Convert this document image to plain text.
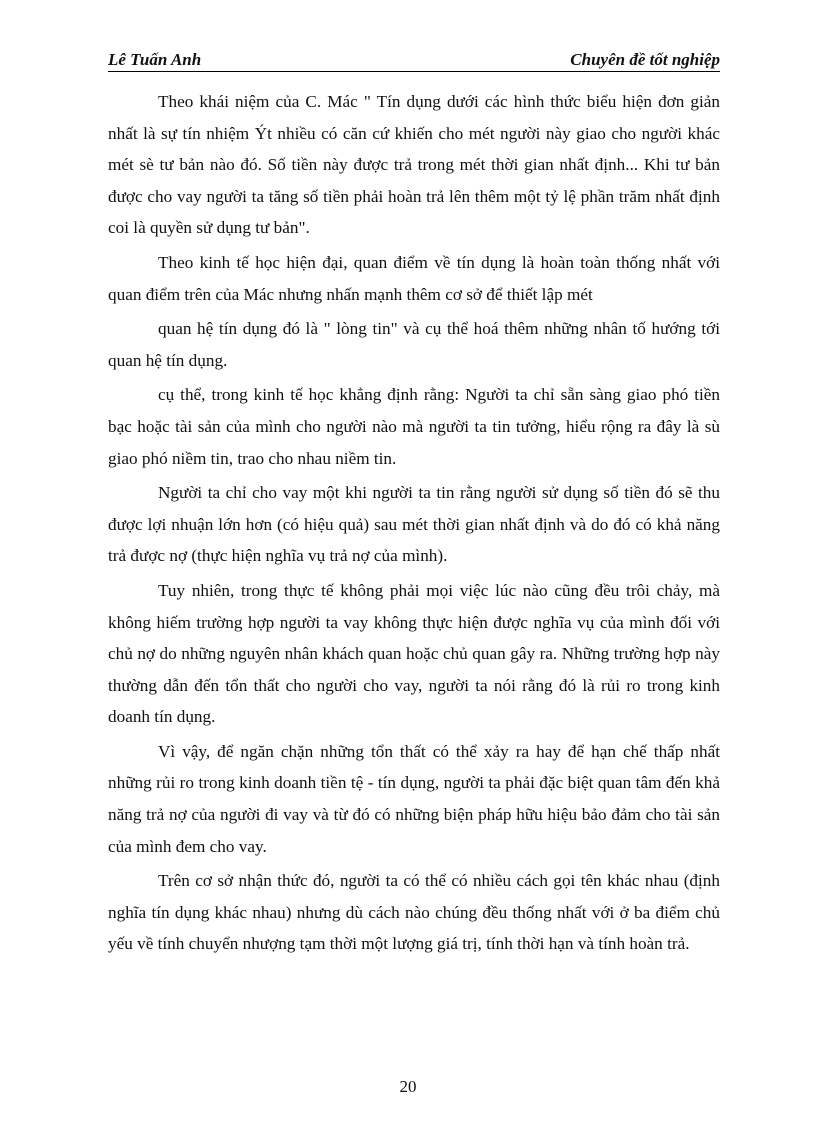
Lê Tuấn Anh	Chuyên đề tốt nghiệp

Theo khái niệm của C. Mác " Tín dụng dưới các hình thức biểu hiện đơn giản nhất là sự tín nhiệm Ýt nhiều có căn cứ khiến cho mét người này giao cho người khác mét sè tư bản nào đó. Số tiền này được trả trong mét thời gian nhất định... Khi tư bản được cho vay người ta tăng số tiền phải hoàn trả lên thêm một tỷ lệ phần trăm nhất định coi là quyền sử dụng tư bản".

Theo kinh tế học hiện đại, quan điểm về tín dụng là hoàn toàn thống nhất với quan điểm trên của Mác nhưng nhấn mạnh thêm cơ sở để thiết lập mét

quan hệ tín dụng đó là " lòng tin" và cụ thể hoá thêm những nhân tố hướng tới quan hệ tín dụng.

cụ thể, trong kinh tế học khẳng định rằng: Người ta chỉ sẵn sàng giao phó tiền bạc hoặc tài sản của mình cho người nào mà người ta tin tưởng, hiểu rộng ra đây là sù giao phó niềm tin, trao cho nhau niềm tin.

Người ta chỉ cho vay một khi người ta tin rằng người sử dụng số tiền đó sẽ thu được lợi nhuận lớn hơn (có hiệu quả) sau mét thời gian nhất định và do đó có khả năng trả được nợ (thực hiện nghĩa vụ trả nợ của mình).

Tuy nhiên, trong thực tế không phải mọi việc lúc nào cũng đều trôi chảy, mà không hiếm trường hợp người ta vay không thực hiện được nghĩa vụ của mình đối với chủ nợ do những nguyên nhân khách quan hoặc chủ quan gây ra. Những trường hợp này thường dẫn đến tổn thất cho người cho vay, người ta nói rằng đó là rủi ro trong kinh doanh tín dụng.

Vì vậy, để ngăn chặn những tổn thất có thể xảy ra hay để hạn chế thấp nhất những rủi ro trong kinh doanh tiền tệ - tín dụng, người ta phải đặc biệt quan tâm đến khả năng trả nợ của người đi vay và từ đó có những biện pháp hữu hiệu bảo đảm cho tài sản của mình đem cho vay.

Trên cơ sở nhận thức đó, người ta có thể có nhiều cách gọi tên khác nhau (định nghĩa tín dụng khác nhau) nhưng dù cách nào chúng đều thống nhất với ở ba điểm chủ yếu về tính chuyển nhượng tạm thời một lượng giá trị, tính thời hạn và tính hoàn trả.

20
